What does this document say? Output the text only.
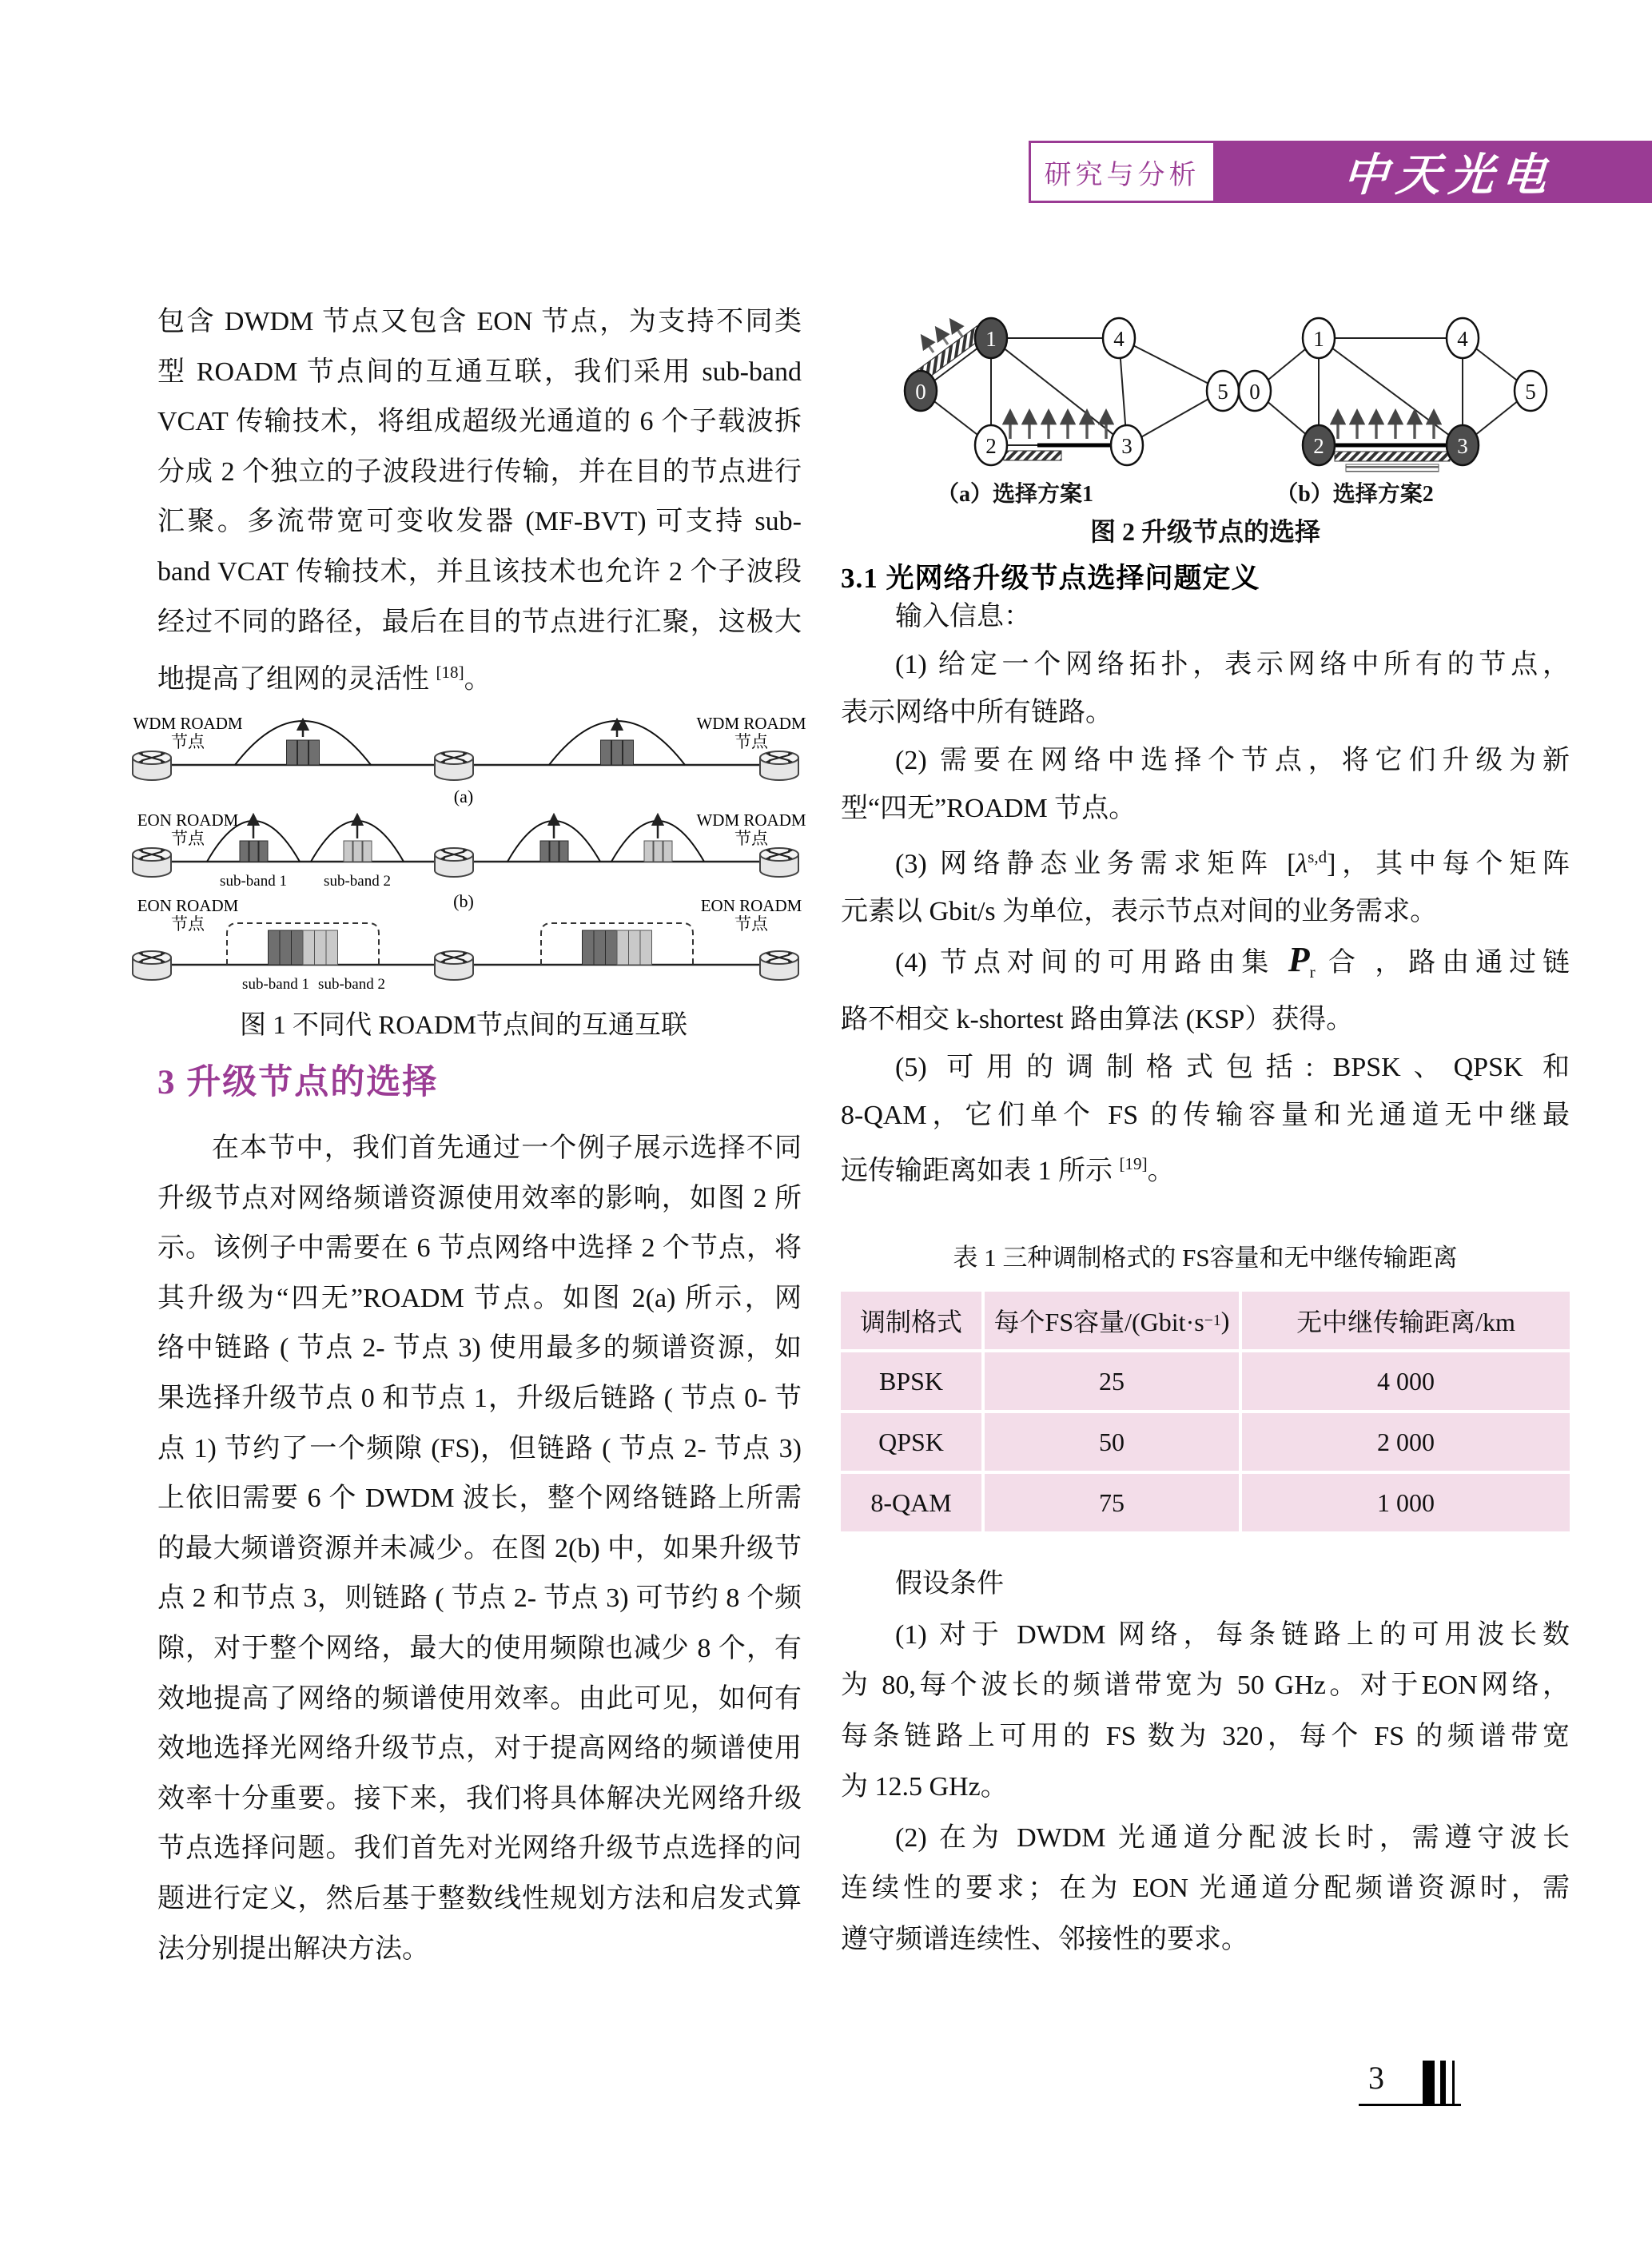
研究与分析	中天光电
包含 DWDM 节点又包含 EON 节点，为支持不同类
型 ROADM 节点间的互通互联，我们采用 sub-band
VCAT 传输技术，将组成超级光通道的 6 个子载波拆
分成 2 个独立的子波段进行传输，并在目的节点进行
汇聚。多流带宽可变收发器 (MF-BVT) 可支持 sub-
band VCAT 传输技术，并且该技术也允许 2 个子波段
经过不同的路径，最后在目的节点进行汇聚，这极大
地提高了组网的灵活性 [18]。
WDM ROADM
节点
WDM ROADM
节点
(a)
EON ROADM
节点
WDM ROADM
节点
sub-band 1 sub-band 2
(b)
EON ROADM
节点
EON ROADM
节点
sub-band 1 sub-band 2
图 1 不同代 ROADM节点间的互通互联
3 升级节点的选择
在本节中，我们首先通过一个例子展示选择不同
升级节点对网络频谱资源使用效率的影响，如图 2 所
示。该例子中需要在 6 节点网络中选择 2 个节点，将
其升级为“四无”ROADM 节点。如图 2(a) 所示，网
络中链路 ( 节点 2- 节点 3) 使用最多的频谱资源，如
果选择升级节点 0 和节点 1，升级后链路 ( 节点 0- 节
点 1) 节约了一个频隙 (FS)，但链路 ( 节点 2- 节点 3)
上依旧需要 6 个 DWDM 波长，整个网络链路上所需
的最大频谱资源并未减少。在图 2(b) 中，如果升级节
点 2 和节点 3，则链路 ( 节点 2- 节点 3) 可节约 8 个频
隙，对于整个网络，最大的使用频隙也减少 8 个，有
效地提高了网络的频谱使用效率。由此可见，如何有
效地选择光网络升级节点，对于提高网络的频谱使用
效率十分重要。接下来，我们将具体解决光网络升级
节点选择问题。我们首先对光网络升级节点选择的问
题进行定义，然后基于整数线性规划方法和启发式算
法分别提出解决方法。
0
1
2	3
4
5 0
1
2	3
4
5
（a）选择方案1	（b）选择方案2
图 2 升级节点的选择
3.1 光网络升级节点选择问题定义
输入信息：
(1) 给定一个网络拓扑，表示网络中所有的节点，
表示网络中所有链路。
(2) 需要在网络中选择个节点，将它们升级为新
型“四无”ROADM 节点。
(3) 网络静态业务需求矩阵 $[\lambda^{s,d}]$，其中每个矩阵
元素以 Gbit/s 为单位，表示节点对间的业务需求。
(4) 节点对间的可用路由集 $P_r$ 合 ，路由通过链
路不相交 k-shortest 路由算法 (KSP）获得。
(5) 可用的调制格式包括: BPSK、QPSK 和
8-QAM，它们单个 FS 的传输容量和光通道无中继最
远传输距离如表 1 所示 [19]。
表 1 三种调制格式的 FS容量和无中继传输距离
调制格式	每个FS容量/(Gbit·s −1 )	无中继传输距离/km
BPSK	25	4 000
QPSK	50	2 000
8-QAM	75	1 000
假设条件
(1) 对于 DWDM 网络，每条链路上的可用波长数
为 80,每个波长的频谱带宽为 50 GHz。对于EON网络，
每条链路上可用的 FS 数为 320，每个 FS 的频谱带宽
为 12.5 GHz。
(2) 在为 DWDM 光通道分配波长时，需遵守波长
连续性的要求；在为 EON 光通道分配频谱资源时，需
遵守频谱连续性、邻接性的要求。
3
